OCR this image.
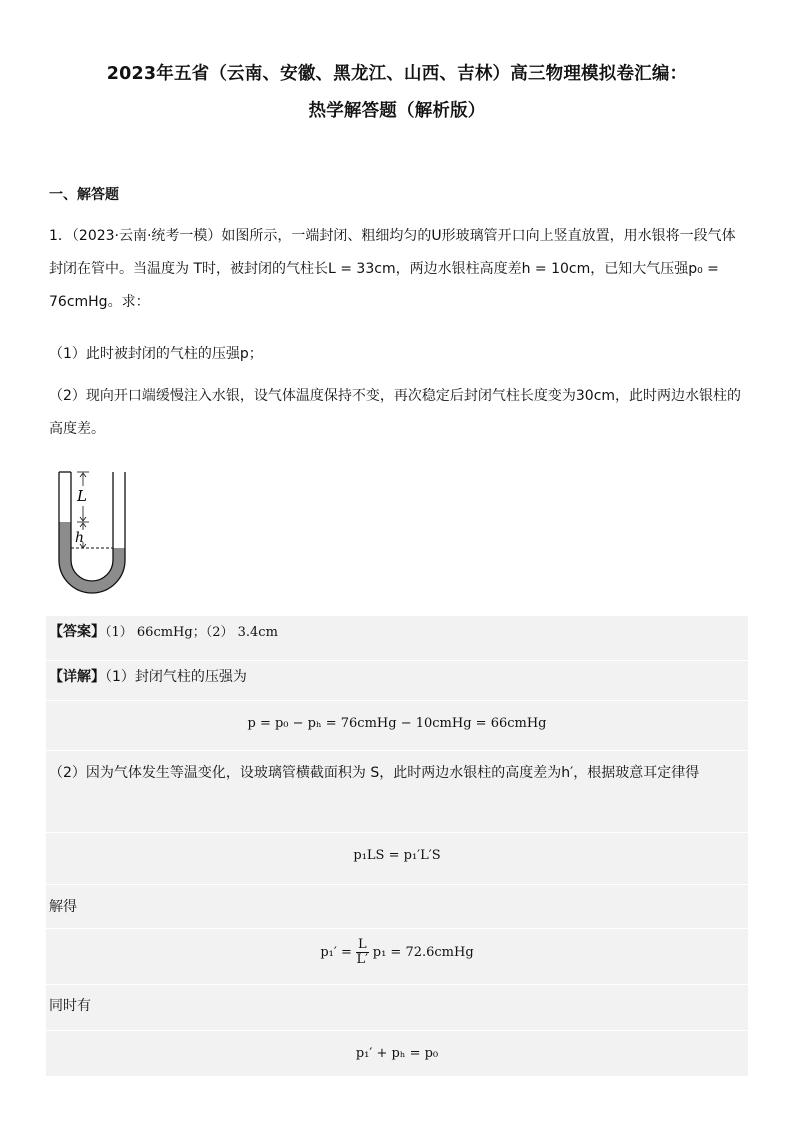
2023年五省（云南、安徽、黑龙江、山西、吉林）高三物理模拟卷汇编：
热学解答题（解析版）
一、解答题
1．（2023·云南·统考一模）如图所示，一端封闭、粗细均匀的U形玻璃管开口向上竖直放置，用水银将一段气体封闭在管中。当温度为 T时，被封闭的气柱长L = 33cm，两边水银柱高度差h = 10cm，已知大气压强p₀ = 76cmHg。求：
（1）此时被封闭的气柱的压强p；
（2）现向开口端缓慢注入水银，设气体温度保持不变，再次稳定后封闭气柱长度变为30cm，此时两边水银柱的高度差。
L
h
【答案】（1） 66cmHg；（2） 3.4cm
【详解】（1）封闭气柱的压强为
p = p₀ − pₕ = 76cmHg − 10cmHg = 66cmHg
（2）因为气体发生等温变化，设玻璃管横截面积为 S，此时两边水银柱的高度差为h′，根据玻意耳定律得
p₁LS = p₁′L′S
解得
$p_1' = \frac{L}{L'} p_1$ = 72.6cmHg
同时有
p₁′ + pₕ = p₀
